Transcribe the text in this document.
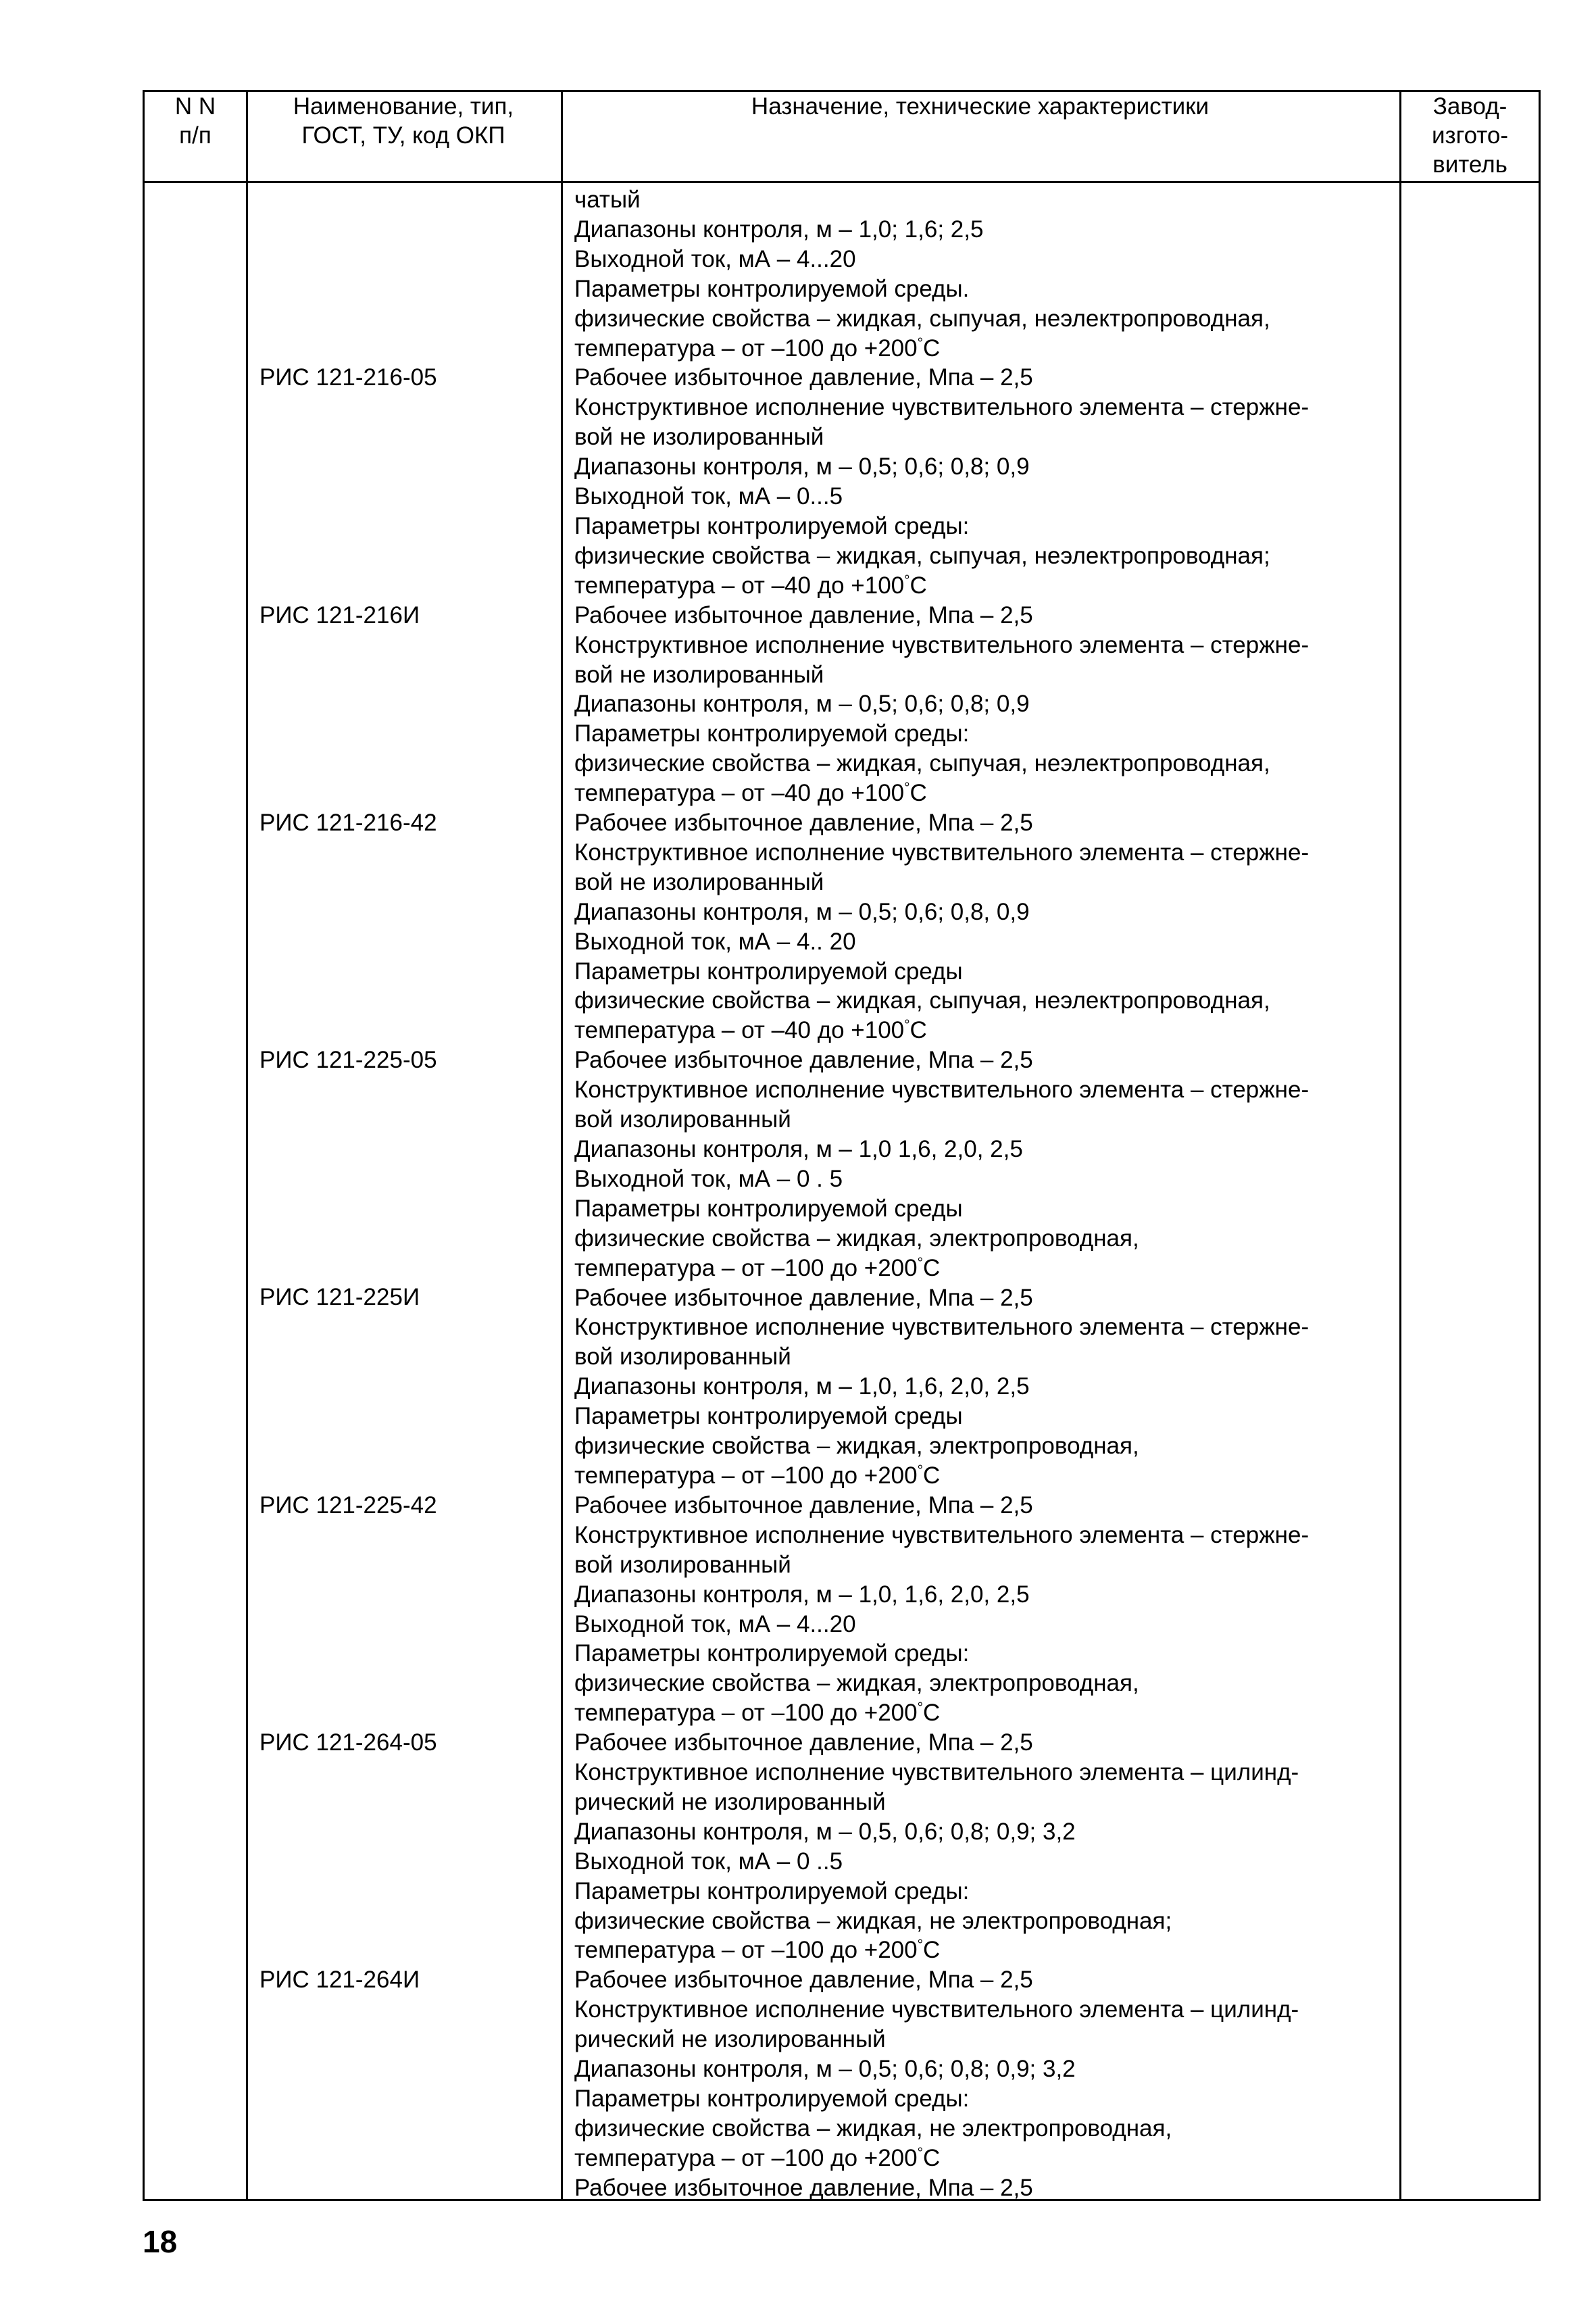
N N
п/п
Наименование, тип,
ГОСТ, ТУ, код ОКП
Назначение, технические характеристики	Завод-
изгото-
витель
РИС 121-216-05
РИС 121-216И
РИС 121-216-42
РИС 121-225-05
РИС 121-225И
РИС 121-225-42
РИС 121-264-05
РИС 121-264И
чатый
Диапазоны контроля, м – 1,0; 1,6; 2,5
Выходной ток, мА – 4...20
Параметры контролируемой среды.
физические свойства – жидкая, сыпучая, неэлектропроводная,
температура – от –100 до +200°С
Рабочее избыточное давление, Мпа – 2,5
Конструктивное исполнение чувствительного элемента – стержне-
вой не изолированный
Диапазоны контроля, м – 0,5; 0,6; 0,8; 0,9
Выходной ток, мА – 0...5
Параметры контролируемой среды:
физические свойства – жидкая, сыпучая, неэлектропроводная;
температура – от –40 до +100°С
Рабочее избыточное давление, Мпа – 2,5
Конструктивное исполнение чувствительного элемента – стержне-
вой не изолированный
Диапазоны контроля, м – 0,5; 0,6; 0,8; 0,9
Параметры контролируемой среды:
физические свойства – жидкая, сыпучая, неэлектропроводная,
температура – от –40 до +100°С
Рабочее избыточное давление, Мпа – 2,5
Конструктивное исполнение чувствительного элемента – стержне-
вой не изолированный
Диапазоны контроля, м – 0,5; 0,6; 0,8, 0,9
Выходной ток, мА – 4.. 20
Параметры контролируемой среды
физические свойства – жидкая, сыпучая, неэлектропроводная,
температура – от –40 до +100°С
Рабочее избыточное давление, Мпа – 2,5
Конструктивное исполнение чувствительного элемента – стержне-
вой изолированный
Диапазоны контроля, м – 1,0 1,6, 2,0, 2,5
Выходной ток, мА – 0 . 5
Параметры контролируемой среды
физические свойства – жидкая, электропроводная,
температура – от –100 до +200°С
Рабочее избыточное давление, Мпа – 2,5
Конструктивное исполнение чувствительного элемента – стержне-
вой изолированный
Диапазоны контроля, м – 1,0, 1,6, 2,0, 2,5
Параметры контролируемой среды
физические свойства – жидкая, электропроводная,
температура – от –100 до +200°С
Рабочее избыточное давление, Мпа – 2,5
Конструктивное исполнение чувствительного элемента – стержне-
вой изолированный
Диапазоны контроля, м – 1,0, 1,6, 2,0, 2,5
Выходной ток, мА – 4...20
Параметры контролируемой среды:
физические свойства – жидкая, электропроводная,
температура – от –100 до +200°С
Рабочее избыточное давление, Мпа – 2,5
Конструктивное исполнение чувствительного элемента – цилинд-
рический не изолированный
Диапазоны контроля, м – 0,5, 0,6; 0,8; 0,9; 3,2
Выходной ток, мА – 0 ..5
Параметры контролируемой среды:
физические свойства – жидкая, не электропроводная;
температура – от –100 до +200°С
Рабочее избыточное давление, Мпа – 2,5
Конструктивное исполнение чувствительного элемента – цилинд-
рический не изолированный
Диапазоны контроля, м – 0,5; 0,6; 0,8; 0,9; 3,2
Параметры контролируемой среды:
физические свойства – жидкая, не электропроводная,
температура – от –100 до +200°С
Рабочее избыточное давление, Мпа – 2,5
18
